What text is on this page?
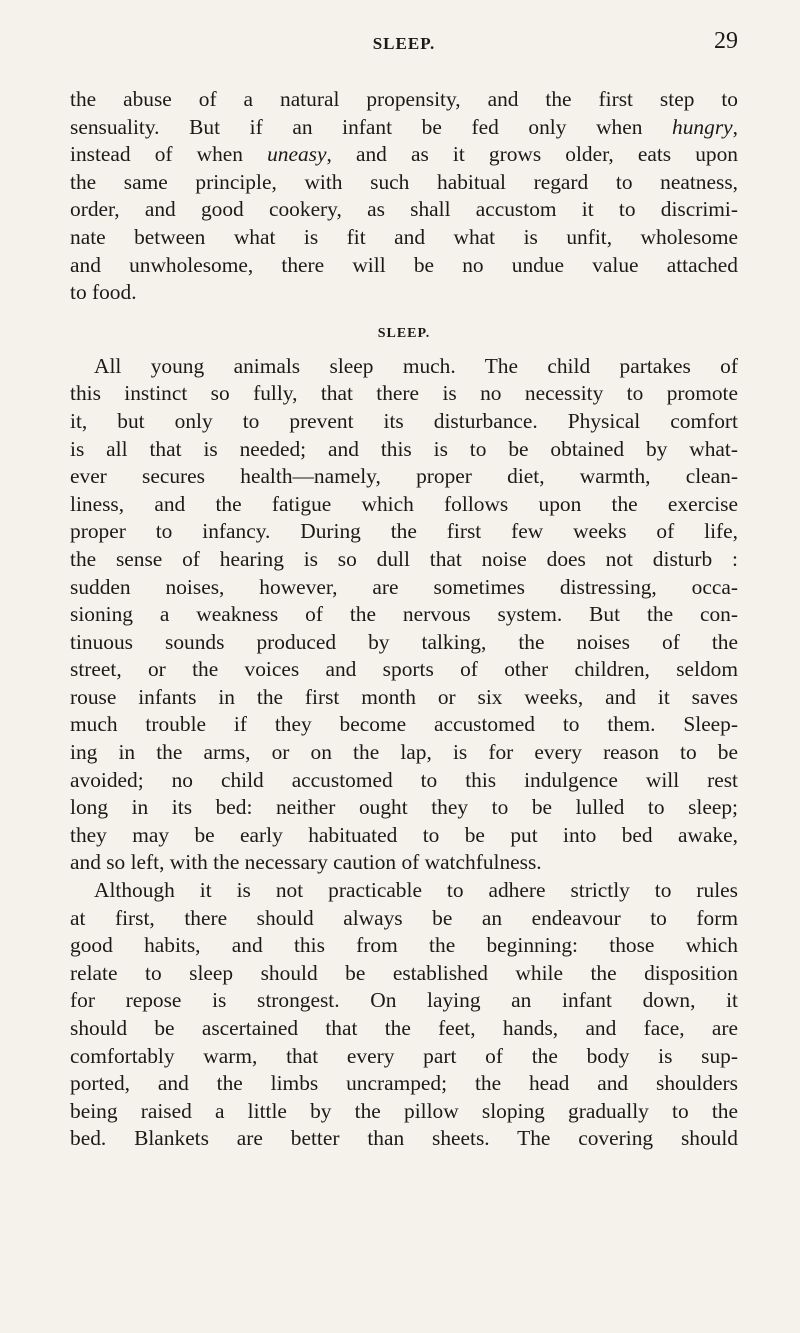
SLEEP.	29
the abuse of a natural propensity, and the first step to
sensuality. But if an infant be fed only when hungry,
instead of when uneasy, and as it grows older, eats upon
the same principle, with such habitual regard to neatness,
order, and good cookery, as shall accustom it to discrimi-
nate between what is fit and what is unfit, wholesome
and unwholesome, there will be no undue value attached
to food.
SLEEP.
All young animals sleep much. The child partakes of
this instinct so fully, that there is no necessity to promote
it, but only to prevent its disturbance. Physical comfort
is all that is needed; and this is to be obtained by what-
ever secures health—namely, proper diet, warmth, clean-
liness, and the fatigue which follows upon the exercise
proper to infancy. During the first few weeks of life,
the sense of hearing is so dull that noise does not disturb :
sudden noises, however, are sometimes distressing, occa-
sioning a weakness of the nervous system. But the con-
tinuous sounds produced by talking, the noises of the
street, or the voices and sports of other children, seldom
rouse infants in the first month or six weeks, and it saves
much trouble if they become accustomed to them. Sleep-
ing in the arms, or on the lap, is for every reason to be
avoided; no child accustomed to this indulgence will rest
long in its bed: neither ought they to be lulled to sleep;
they may be early habituated to be put into bed awake,
and so left, with the necessary caution of watchfulness.
Although it is not practicable to adhere strictly to rules
at first, there should always be an endeavour to form
good habits, and this from the beginning: those which
relate to sleep should be established while the disposition
for repose is strongest. On laying an infant down, it
should be ascertained that the feet, hands, and face, are
comfortably warm, that every part of the body is sup-
ported, and the limbs uncramped; the head and shoulders
being raised a little by the pillow sloping gradually to the
bed. Blankets are better than sheets. The covering should
